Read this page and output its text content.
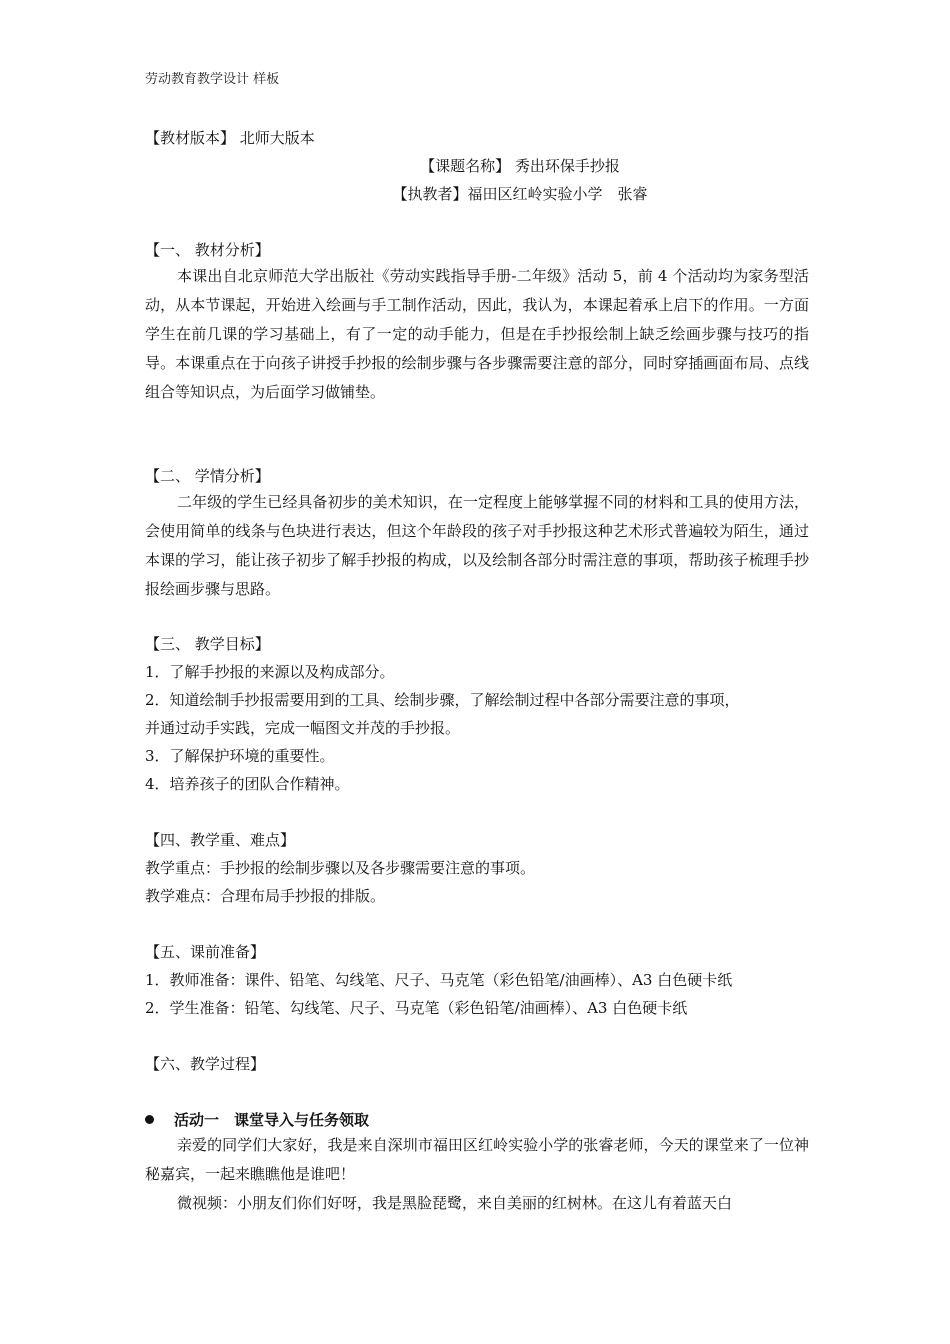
劳动教育教学设计 样板
【教材版本】 北师大版本
【课题名称】 秀出环保手抄报
【执教者】福田区红岭实验小学　张睿
【一、 教材分析】
本课出自北京师范大学出版社《劳动实践指导手册-二年级》活动 5，前 4 个活动均为家务型活动，从本节课起，开始进入绘画与手工制作活动，因此，我认为，本课起着承上启下的作用。一方面学生在前几课的学习基础上，有了一定的动手能力，但是在手抄报绘制上缺乏绘画步骤与技巧的指导。本课重点在于向孩子讲授手抄报的绘制步骤与各步骤需要注意的部分，同时穿插画面布局、点线组合等知识点，为后面学习做铺垫。
【二、 学情分析】
二年级的学生已经具备初步的美术知识，在一定程度上能够掌握不同的材料和工具的使用方法，会使用简单的线条与色块进行表达，但这个年龄段的孩子对手抄报这种艺术形式普遍较为陌生，通过本课的学习，能让孩子初步了解手抄报的构成，以及绘制各部分时需注意的事项，帮助孩子梳理手抄报绘画步骤与思路。
【三、 教学目标】
1．了解手抄报的来源以及构成部分。
2．知道绘制手抄报需要用到的工具、绘制步骤，了解绘制过程中各部分需要注意的事项，
并通过动手实践，完成一幅图文并茂的手抄报。
3．了解保护环境的重要性。
4．培养孩子的团队合作精神。
【四、教学重、难点】
教学重点：手抄报的绘制步骤以及各步骤需要注意的事项。
教学难点：合理布局手抄报的排版。
【五、课前准备】
1．教师准备：课件、铅笔、勾线笔、尺子、马克笔（彩色铅笔/油画棒）、A3 白色硬卡纸
2．学生准备：铅笔、勾线笔、尺子、马克笔（彩色铅笔/油画棒）、A3 白色硬卡纸
【六、教学过程】
活动一　课堂导入与任务领取
亲爱的同学们大家好，我是来自深圳市福田区红岭实验小学的张睿老师，今天的课堂来了一位神秘嘉宾，一起来瞧瞧他是谁吧！
微视频：小朋友们你们好呀，我是黑脸琵鹭，来自美丽的红树林。在这儿有着蓝天白
